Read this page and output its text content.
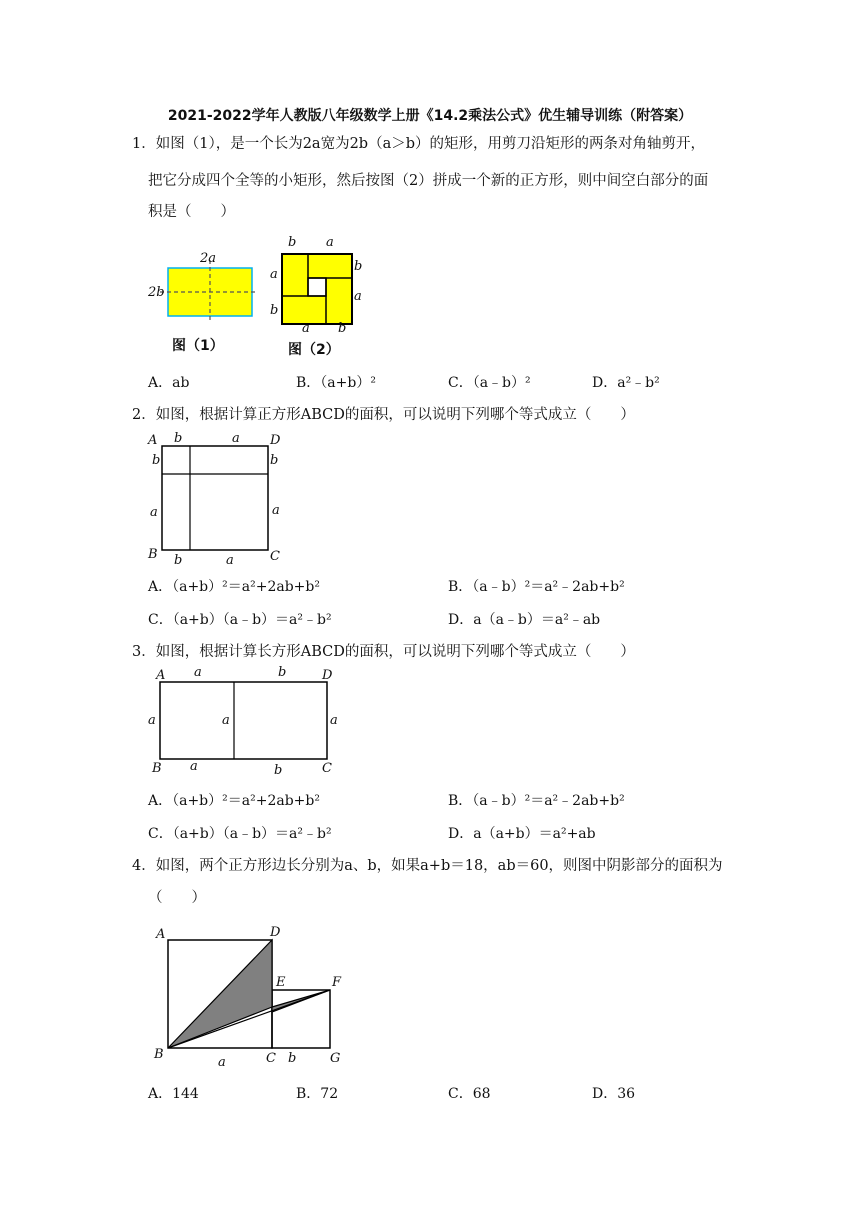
2021-2022学年人教版八年级数学上册《14.2乘法公式》优生辅导训练（附答案）
1．如图（1），是一个长为2a宽为2b（a＞b）的矩形，用剪刀沿矩形的两条对角轴剪开，
把它分成四个全等的小矩形，然后按图（2）拼成一个新的正方形，则中间空白部分的面
积是（　　）
2a
2b
图（1）
b a
a
b
b
a
a b
图（2）
A．ab	B．（a+b）²	C．（a﹣b）²	D．a²﹣b²
2．如图，根据计算正方形ABCD的面积，可以说明下列哪个等式成立（　　）
A	D
B	C
b	a
b	b
a	a
b	a
A．（a+b）²＝a²+2ab+b²	B．（a﹣b）²＝a²﹣2ab+b²
C．（a+b）（a﹣b）＝a²﹣b²	D．a（a﹣b）＝a²﹣ab
3．如图，根据计算长方形ABCD的面积，可以说明下列哪个等式成立（　　）
A	D
B	C
a	b
a	a	a
a	b
A．（a+b）²＝a²+2ab+b²	B．（a﹣b）²＝a²﹣2ab+b²
C．（a+b）（a﹣b）＝a²﹣b²	D．a（a+b）＝a²+ab
4．如图，两个正方形边长分别为a、b，如果a+b＝18，ab＝60，则图中阴影部分的面积为
（　　）
A	D
E	F
B	C	G
a	b
A．144	B．72	C．68	D．36
